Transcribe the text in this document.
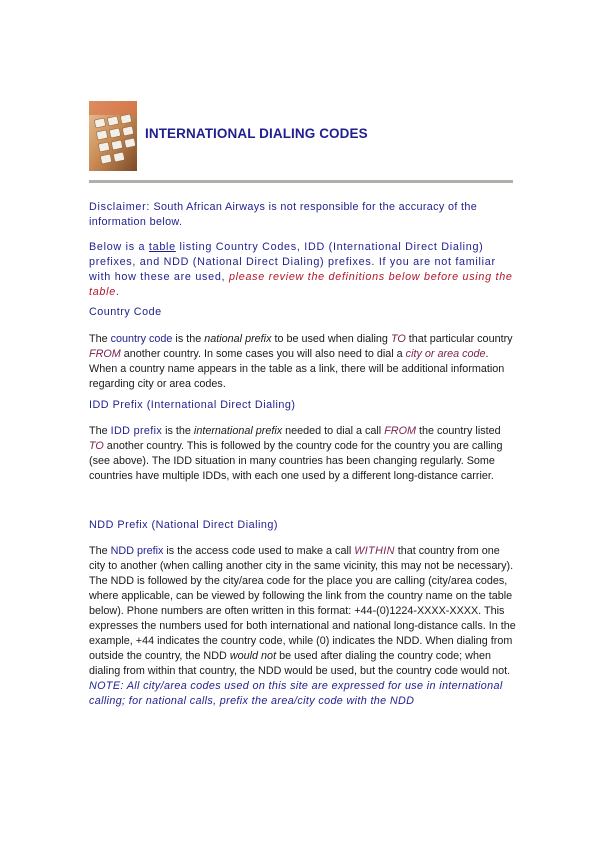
INTERNATIONAL DIALING CODES
Disclaimer: South African Airways is not responsible for the accuracy of the information below.
Below is a table listing Country Codes, IDD (International Direct Dialing) prefixes, and NDD (National Direct Dialing) prefixes. If you are not familiar with how these are used, please review the definitions below before using the table.
Country Code
The country code is the national prefix to be used when dialing TO that particular country FROM another country. In some cases you will also need to dial a city or area code. When a country name appears in the table as a link, there will be additional information regarding city or area codes.
IDD Prefix (International Direct Dialing)
The IDD prefix is the international prefix needed to dial a call FROM the country listed TO another country. This is followed by the country code for the country you are calling (see above). The IDD situation in many countries has been changing regularly. Some countries have multiple IDDs, with each one used by a different long-distance carrier.
NDD Prefix (National Direct Dialing)
The NDD prefix is the access code used to make a call WITHIN that country from one city to another (when calling another city in the same vicinity, this may not be necessary). The NDD is followed by the city/area code for the place you are calling (city/area codes, where applicable, can be viewed by following the link from the country name on the table below). Phone numbers are often written in this format: +44-(0)1224-XXXX-XXXX. This expresses the numbers used for both international and national long-distance calls. In the example, +44 indicates the country code, while (0) indicates the NDD. When dialing from outside the country, the NDD would not be used after dialing the country code; when dialing from within that country, the NDD would be used, but the country code would not. NOTE: All city/area codes used on this site are expressed for use in international calling; for national calls, prefix the area/city code with the NDD
